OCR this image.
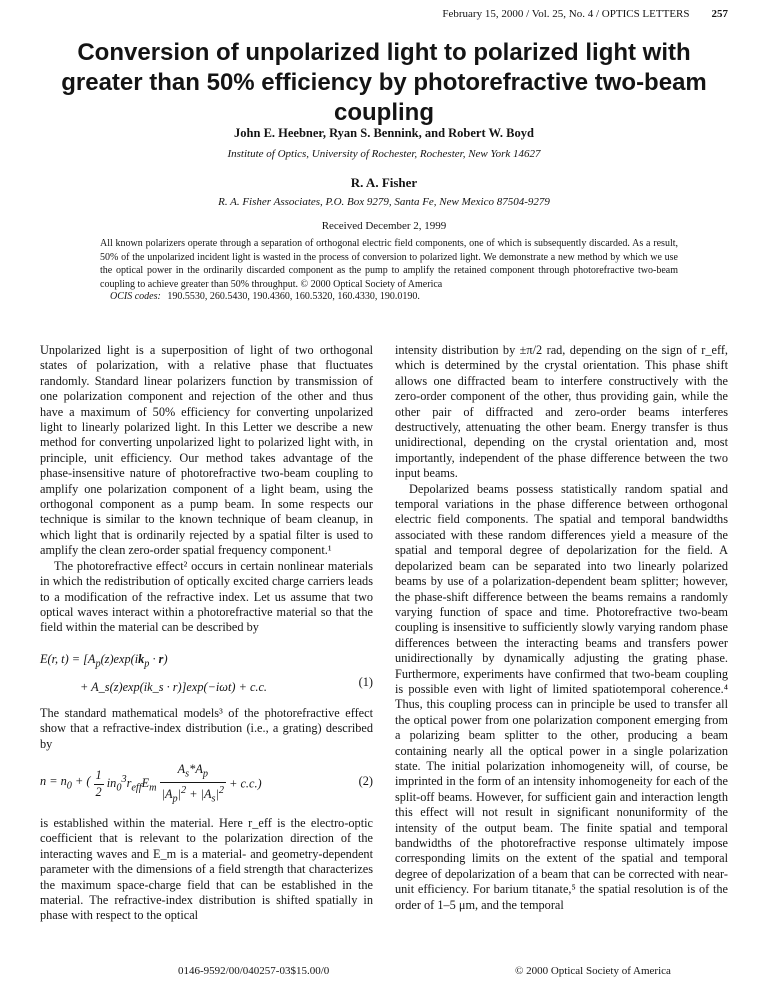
February 15, 2000 / Vol. 25, No. 4 / OPTICS LETTERS 257
Conversion of unpolarized light to polarized light with greater than 50% efficiency by photorefractive two-beam coupling
John E. Heebner, Ryan S. Bennink, and Robert W. Boyd
Institute of Optics, University of Rochester, Rochester, New York 14627
R. A. Fisher
R. A. Fisher Associates, P.O. Box 9279, Santa Fe, New Mexico 87504-9279
Received December 2, 1999
All known polarizers operate through a separation of orthogonal electric field components, one of which is subsequently discarded. As a result, 50% of the unpolarized incident light is wasted in the process of conversion to polarized light. We demonstrate a new method by which we use the optical power in the ordinarily discarded component as the pump to amplify the retained component through photorefractive two-beam coupling to achieve greater than 50% throughput. © 2000 Optical Society of America
OCIS codes: 190.5530, 260.5430, 190.4360, 160.5320, 160.4330, 190.0190.

Unpolarized light is a superposition of light of two orthogonal states of polarization, with a relative phase that fluctuates randomly. Standard linear polarizers function by transmission of one polarization component and rejection of the other and thus have a maximum of 50% efficiency for converting unpolarized light to linearly polarized light. In this Letter we describe a new method for converting unpolarized light to polarized light with, in principle, unit efficiency. Our method takes advantage of the phase-insensitive nature of photorefractive two-beam coupling to amplify one polarization component of a light beam, using the orthogonal component as a pump beam. In some respects our technique is similar to the known technique of beam cleanup, in which light that is ordinarily rejected by a spatial filter is used to amplify the clean zero-order spatial frequency component.¹

The photorefractive effect² occurs in certain nonlinear materials in which the redistribution of optically excited charge carriers leads to a modification of the refractive index. Let us assume that two optical waves interact within a photorefractive material so that the field within the material can be described by

E(r, $t) = [A_p(z)\exp(ik_p \cdot r)$
+ A_s(z)exp(ik_s · r)]exp(−iωt) + c.c.	(1)

The standard mathematical models³ of the photorefractive effect show that a refractive-index distribution (i.e., a grating) described by

$n = n_0$ + ( $\frac{1}{2} in_0^3r_{eff}E_m \frac{A_s*A_p}{|A_p|^2 + |A_s|^2} + c.c$.)	(2)

is established within the material. Here r_eff is the electro-optic coefficient that is relevant to the polarization direction of the interacting waves and E_m is a material- and geometry-dependent parameter with the dimensions of a field strength that characterizes the maximum space-charge field that can be established in the material. The refractive-index distribution is shifted spatially in phase with respect to the optical

intensity distribution by ±π/2 rad, depending on the sign of r_eff, which is determined by the crystal orientation. This phase shift allows one diffracted beam to interfere constructively with the zero-order component of the other, thus providing gain, while the other pair of diffracted and zero-order beams interferes destructively, attenuating the other beam. Energy transfer is thus unidirectional, depending on the crystal orientation and, most importantly, independent of the phase difference between the two input beams.

Depolarized beams possess statistically random spatial and temporal variations in the phase difference between orthogonal electric field components. The spatial and temporal bandwidths associated with these random differences yield a measure of the spatial and temporal degree of depolarization for the field. A depolarized beam can be separated into two linearly polarized beams by use of a polarization-dependent beam splitter; however, the phase-shift difference between the beams remains a randomly varying function of space and time. Photorefractive two-beam coupling is insensitive to sufficiently slowly varying random phase differences between the interacting beams and transfers power unidirectionally by dynamically adjusting the grating phase. Furthermore, experiments have confirmed that two-beam coupling is possible even with light of limited spatiotemporal coherence.⁴ Thus, this coupling process can in principle be used to transfer all the optical power from one polarization component emerging from a polarizing beam splitter to the other, producing a beam containing nearly all the optical power in a single polarization state. The initial polarization inhomogeneity will, of course, be imprinted in the form of an intensity inhomogeneity for each of the split-off beams. However, for sufficient gain and interaction length this effect will not result in significant nonuniformity of the intensity of the output beam. The finite spatial and temporal bandwidths of the photorefractive response ultimately impose corresponding limits on the extent of the spatial and temporal degree of depolarization of a beam that can be corrected with near-unit efficiency. For barium titanate,⁵ the spatial resolution is of the order of 1–5 μm, and the temporal

0146-9592/00/040257-03$15.00/0	© 2000 Optical Society of America
